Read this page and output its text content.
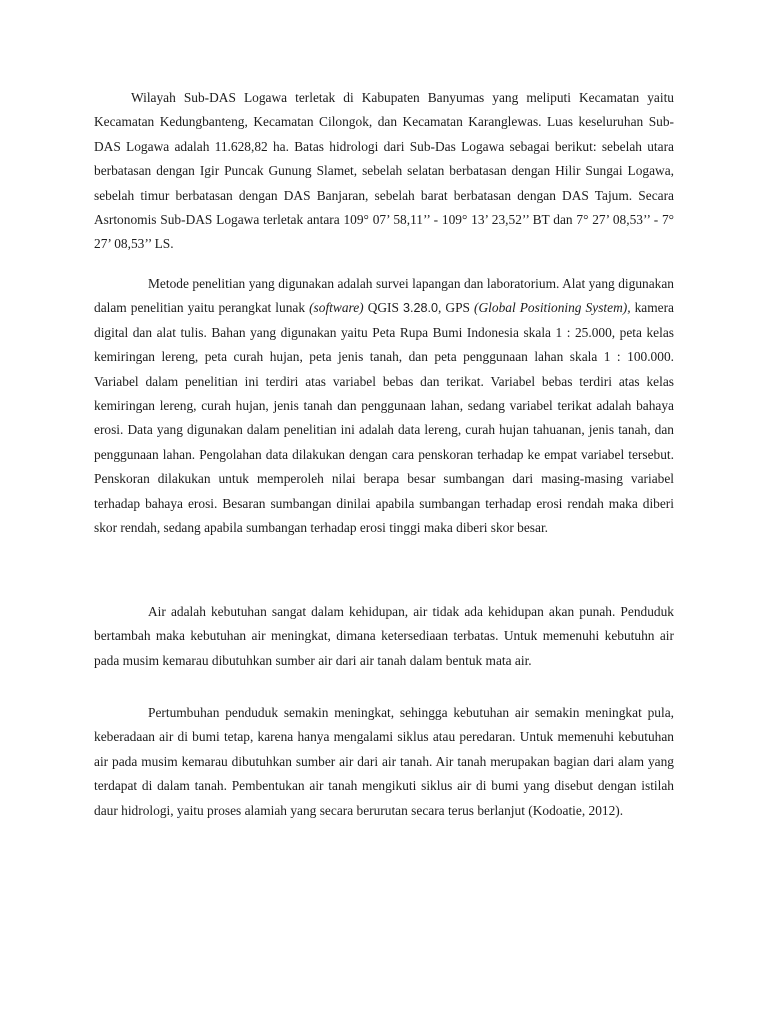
Wilayah Sub-DAS Logawa terletak di Kabupaten Banyumas yang meliputi Kecamatan yaitu Kecamatan Kedungbanteng, Kecamatan Cilongok, dan Kecamatan Karanglewas. Luas keseluruhan Sub-DAS Logawa adalah 11.628,82 ha. Batas hidrologi dari Sub-Das Logawa sebagai berikut: sebelah utara berbatasan dengan Igir Puncak Gunung Slamet, sebelah selatan berbatasan dengan Hilir Sungai Logawa, sebelah timur berbatasan dengan DAS Banjaran, sebelah barat berbatasan dengan DAS Tajum. Secara Asrtonomis Sub-DAS Logawa terletak antara 109° 07’ 58,11’’ - 109° 13’ 23,52’’ BT dan 7° 27’ 08,53’’ - 7° 27’ 08,53’’ LS.

Metode penelitian yang digunakan adalah survei lapangan dan laboratorium. Alat yang digunakan dalam penelitian yaitu perangkat lunak (software) QGIS 3.28.0, GPS (Global Positioning System), kamera digital dan alat tulis. Bahan yang digunakan yaitu Peta Rupa Bumi Indonesia skala 1 : 25.000, peta kelas kemiringan lereng, peta curah hujan, peta jenis tanah, dan peta penggunaan lahan skala 1 : 100.000. Variabel dalam penelitian ini terdiri atas variabel bebas dan terikat. Variabel bebas terdiri atas kelas kemiringan lereng, curah hujan, jenis tanah dan penggunaan lahan, sedang variabel terikat adalah bahaya erosi. Data yang digunakan dalam penelitian ini adalah data lereng, curah hujan tahuanan, jenis tanah, dan penggunaan lahan. Pengolahan data dilakukan dengan cara penskoran terhadap ke empat variabel tersebut. Penskoran dilakukan untuk memperoleh nilai berapa besar sumbangan dari masing-masing variabel terhadap bahaya erosi. Besaran sumbangan dinilai apabila sumbangan terhadap erosi rendah maka diberi skor rendah, sedang apabila sumbangan terhadap erosi tinggi maka diberi skor besar.

Air adalah kebutuhan sangat dalam kehidupan, air tidak ada kehidupan akan punah. Penduduk bertambah maka kebutuhan air meningkat, dimana ketersediaan terbatas. Untuk memenuhi kebutuhn air pada musim kemarau dibutuhkan sumber air dari air tanah dalam bentuk mata air.

Pertumbuhan penduduk semakin meningkat, sehingga kebutuhan air semakin meningkat pula, keberadaan air di bumi tetap, karena hanya mengalami siklus atau peredaran. Untuk memenuhi kebutuhan air pada musim kemarau dibutuhkan sumber air dari air tanah. Air tanah merupakan bagian dari alam yang terdapat di dalam tanah. Pembentukan air tanah mengikuti siklus air di bumi yang disebut dengan istilah daur hidrologi, yaitu proses alamiah yang secara berurutan secara terus berlanjut (Kodoatie, 2012).
